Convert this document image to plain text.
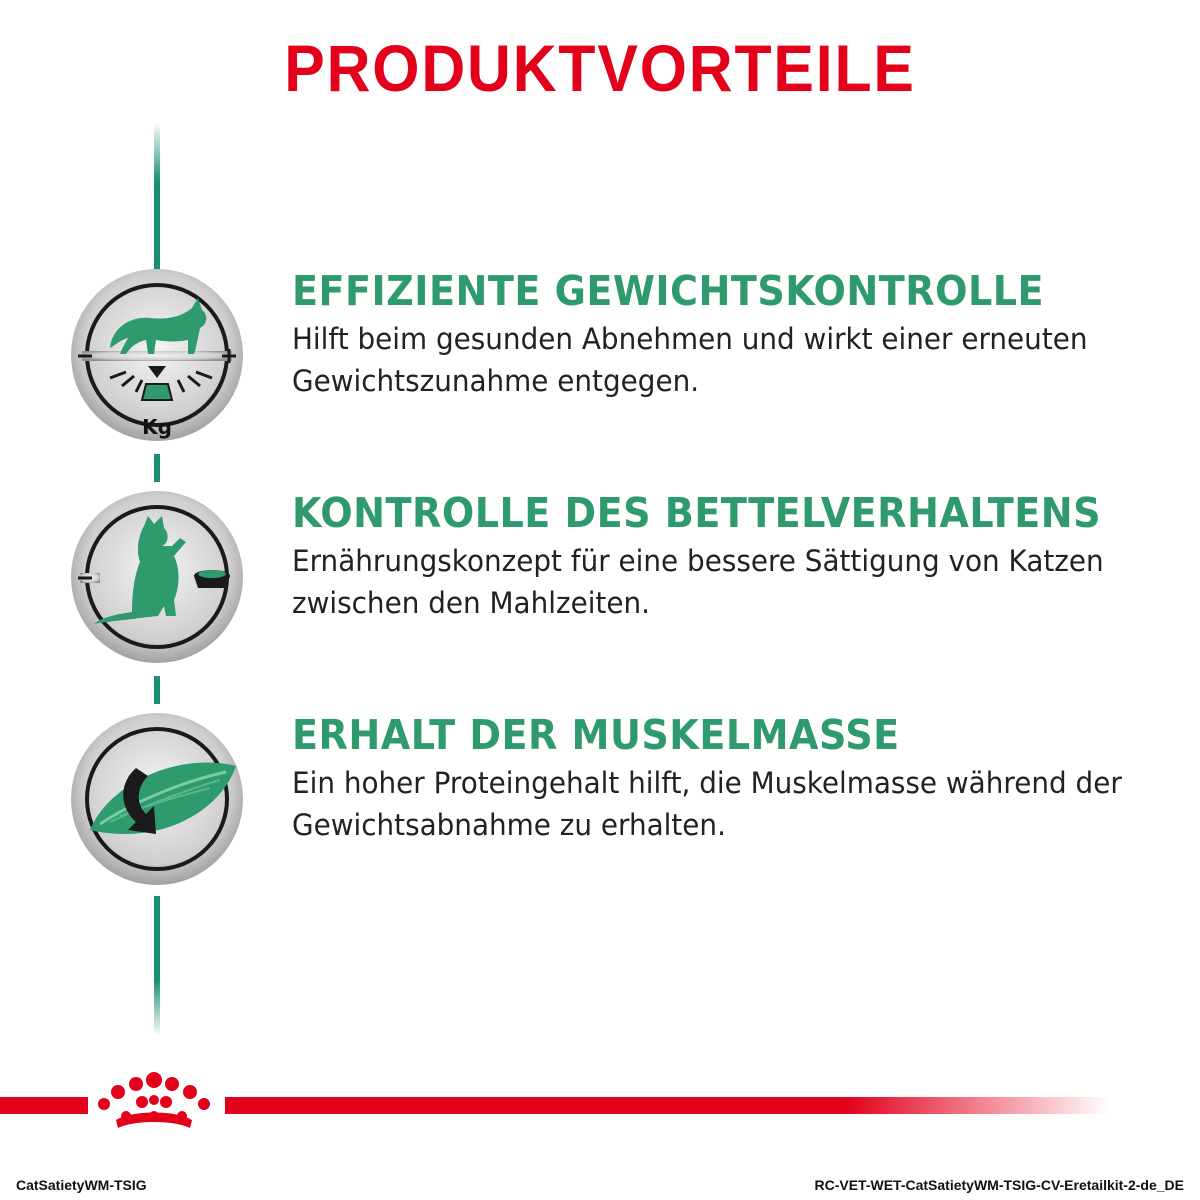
PRODUKTVORTEILE
Kg
EFFIZIENTE GEWICHTSKONTROLLE

Hilft beim gesunden Abnehmen und wirkt einer erneuten Gewichtszunahme entgegen.

KONTROLLE DES BETTELVERHALTENS

Ernährungskonzept für eine bessere Sättigung von Katzen zwischen den Mahlzeiten.

ERHALT DER MUSKELMASSE

Ein hoher Proteingehalt hilft, die Muskelmasse während der Gewichtsabnahme zu erhalten.

CatSatietyWM-TSIG	RC-VET-WET-CatSatietyWM-TSIG-CV-Eretailkit-2-de_DE
